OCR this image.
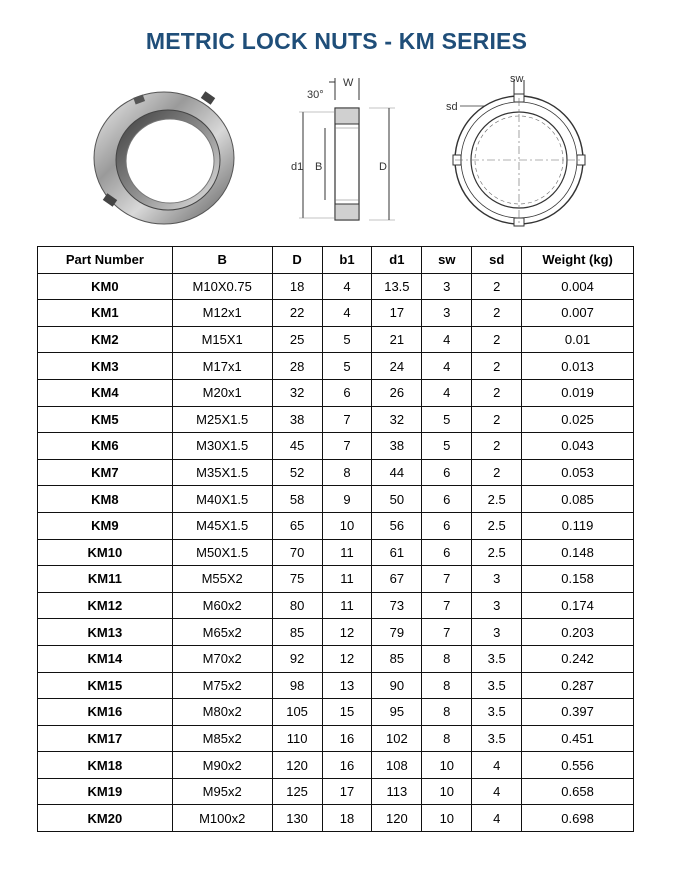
METRIC LOCK NUTS - KM SERIES
W
30°
d1 B	D
sw
sd
Part Number	B	D	b1	d1	sw	sd	Weight (kg)
KM0	M10X0.75	18	4	13.5	3	2	0.004
KM1	M12x1	22	4	17	3	2	0.007
KM2	M15X1	25	5	21	4	2	0.01
KM3	M17x1	28	5	24	4	2	0.013
KM4	M20x1	32	6	26	4	2	0.019
KM5	M25X1.5	38	7	32	5	2	0.025
KM6	M30X1.5	45	7	38	5	2	0.043
KM7	M35X1.5	52	8	44	6	2	0.053
KM8	M40X1.5	58	9	50	6	2.5	0.085
KM9	M45X1.5	65	10	56	6	2.5	0.119
KM10	M50X1.5	70	11	61	6	2.5	0.148
KM11	M55X2	75	11	67	7	3	0.158
KM12	M60x2	80	11	73	7	3	0.174
KM13	M65x2	85	12	79	7	3	0.203
KM14	M70x2	92	12	85	8	3.5	0.242
KM15	M75x2	98	13	90	8	3.5	0.287
KM16	M80x2	105	15	95	8	3.5	0.397
KM17	M85x2	110	16	102	8	3.5	0.451
KM18	M90x2	120	16	108	10	4	0.556
KM19	M95x2	125	17	113	10	4	0.658
KM20	M100x2	130	18	120	10	4	0.698
